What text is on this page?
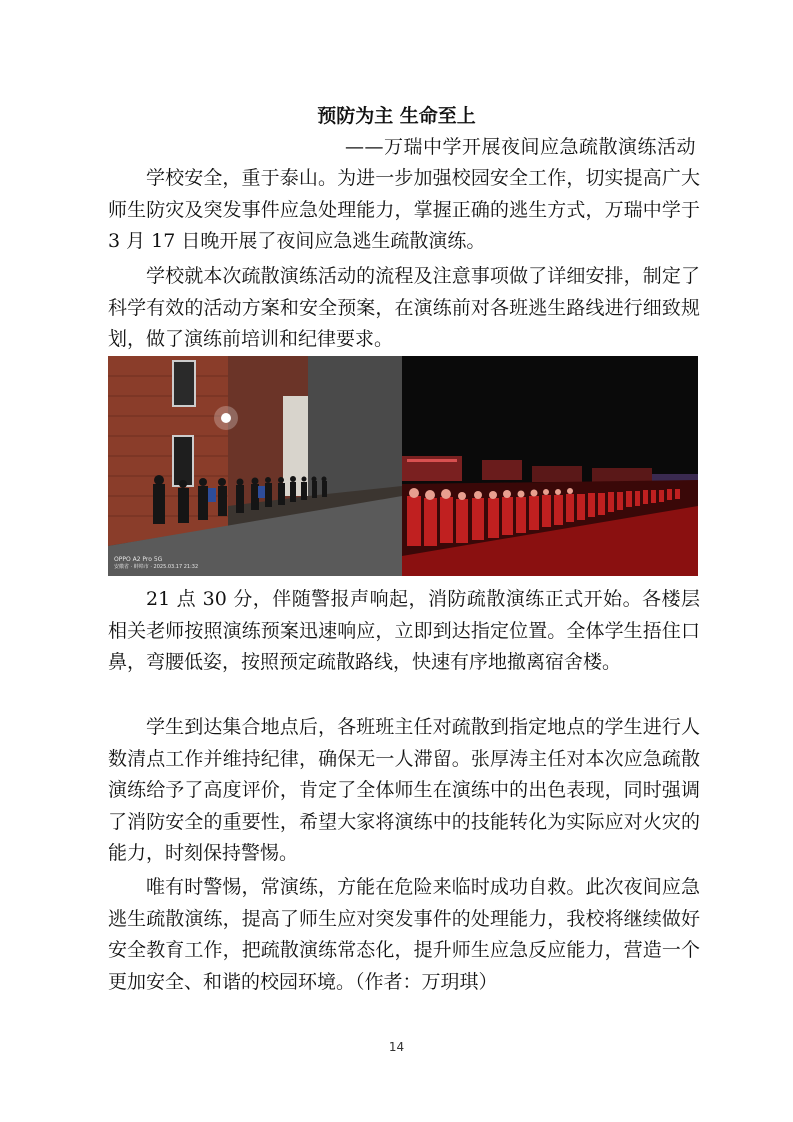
预防为主 生命至上
——万瑞中学开展夜间应急疏散演练活动

学校安全，重于泰山。为进一步加强校园安全工作，切实提高广大师生防灾及突发事件应急处理能力，掌握正确的逃生方式，万瑞中学于 3 月 17 日晚开展了夜间应急逃生疏散演练。

学校就本次疏散演练活动的流程及注意事项做了详细安排，制定了科学有效的活动方案和安全预案，在演练前对各班逃生路线进行细致规划，做了演练前培训和纪律要求。

OPPO A2 Pro 5G
安徽省 · 蚌埠市 · 2025.03.17 21:32

21 点 30 分，伴随警报声响起，消防疏散演练正式开始。各楼层相关老师按照演练预案迅速响应，立即到达指定位置。全体学生捂住口鼻，弯腰低姿，按照预定疏散路线，快速有序地撤离宿舍楼。

学生到达集合地点后，各班班主任对疏散到指定地点的学生进行人数清点工作并维持纪律，确保无一人滞留。张厚涛主任对本次应急疏散演练给予了高度评价，肯定了全体师生在演练中的出色表现，同时强调了消防安全的重要性，希望大家将演练中的技能转化为实际应对火灾的能力，时刻保持警惕。

唯有时警惕，常演练，方能在危险来临时成功自救。此次夜间应急逃生疏散演练，提高了师生应对突发事件的处理能力，我校将继续做好安全教育工作，把疏散演练常态化，提升师生应急反应能力，营造一个更加安全、和谐的校园环境。（作者：万玥琪）

14
